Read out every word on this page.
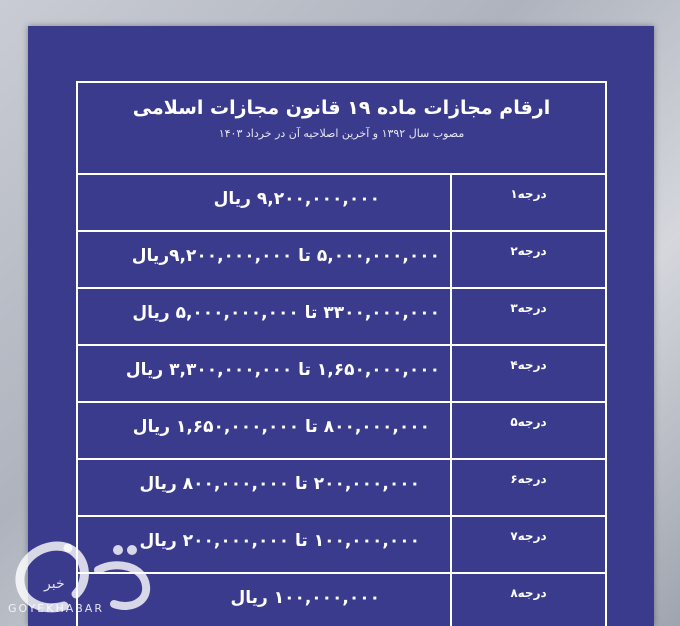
ارقام مجازات ماده ۱۹ قانون مجازات اسلامی
مصوب سال ۱۳۹۲ و آخرین اصلاحیه آن در خرداد ۱۴۰۳
درجه۱
۹,۲۰۰,۰۰۰,۰۰۰ ریال
درجه۲
۵,۰۰۰,۰۰۰,۰۰۰ تا ۹,۲۰۰,۰۰۰,۰۰۰ریال
درجه۳
۳۳۰۰,۰۰۰,۰۰۰ تا ۵,۰۰۰,۰۰۰,۰۰۰ ریال
درجه۴
۱,۶۵۰,۰۰۰,۰۰۰ تا ۳,۳۰۰,۰۰۰,۰۰۰ ریال
درجه۵
۸۰۰,۰۰۰,۰۰۰ تا ۱,۶۵۰,۰۰۰,۰۰۰ ریال
درجه۶
۲۰۰,۰۰۰,۰۰۰ تا ۸۰۰,۰۰۰,۰۰۰ ریال
درجه۷
۱۰۰,۰۰۰,۰۰۰ تا ۲۰۰,۰۰۰,۰۰۰ ریال
درجه۸
۱۰۰,۰۰۰,۰۰۰ ریال
خبر
GOYEKHABAR
